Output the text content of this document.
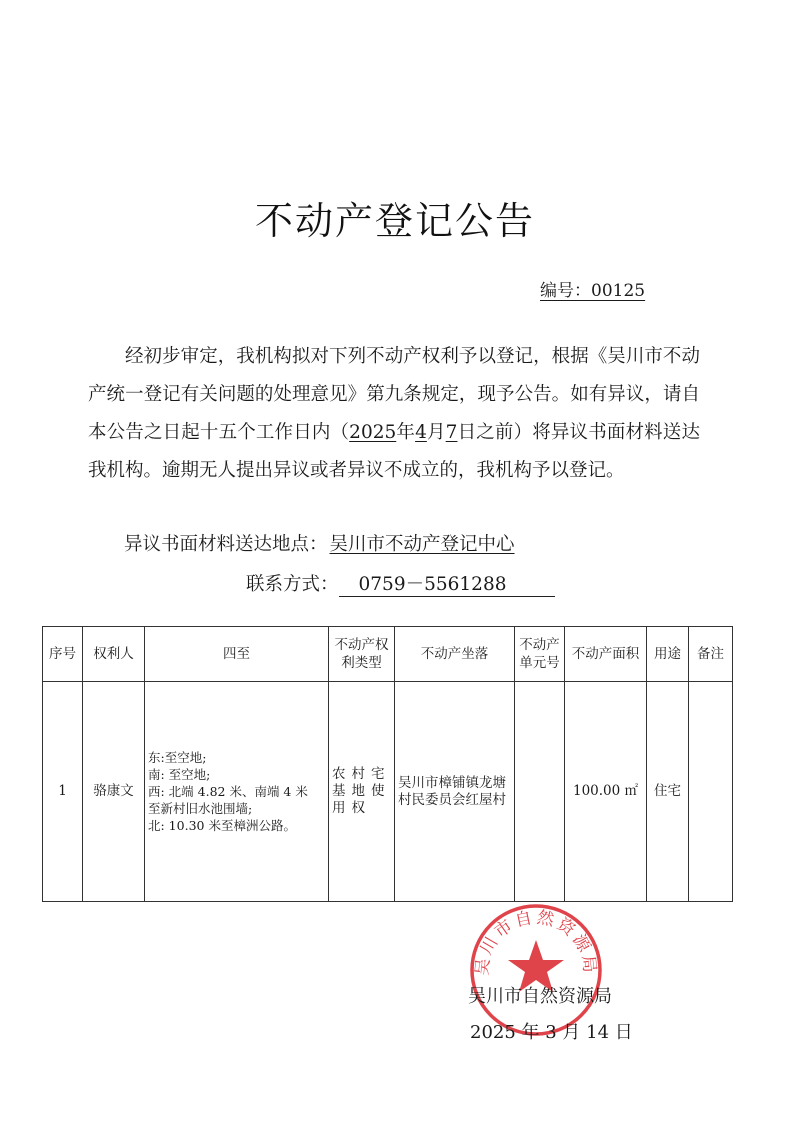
不动产登记公告
编号：00125
经初步审定，我机构拟对下列不动产权利予以登记，根据《吴川市不动产统一登记有关问题的处理意见》第九条规定，现予公告。如有异议，请自本公告之日起十五个工作日内（2025年4月7日之前）将异议书面材料送达我机构。逾期无人提出异议或者异议不成立的，我机构予以登记。
异议书面材料送达地点： 吴川市不动产登记中心
联系方式： 0759－5561288
序号	权利人	四至	不动产权利类型	不动产坐落	不动产单元号	不动产面积	用途	备注
1	骆康文	东:至空地;
南: 至空地;
西: 北端 4.82 米、南端 4 米
至新村旧水池围墙;
北: 10.30 米至樟洲公路。	农村宅基地使用权	吴川市樟铺镇龙塘村民委员会红屋村		100.00 ㎡	住宅	
吴川市自然资源局
吴川市自然资源局
2025 年 3 月 14 日
